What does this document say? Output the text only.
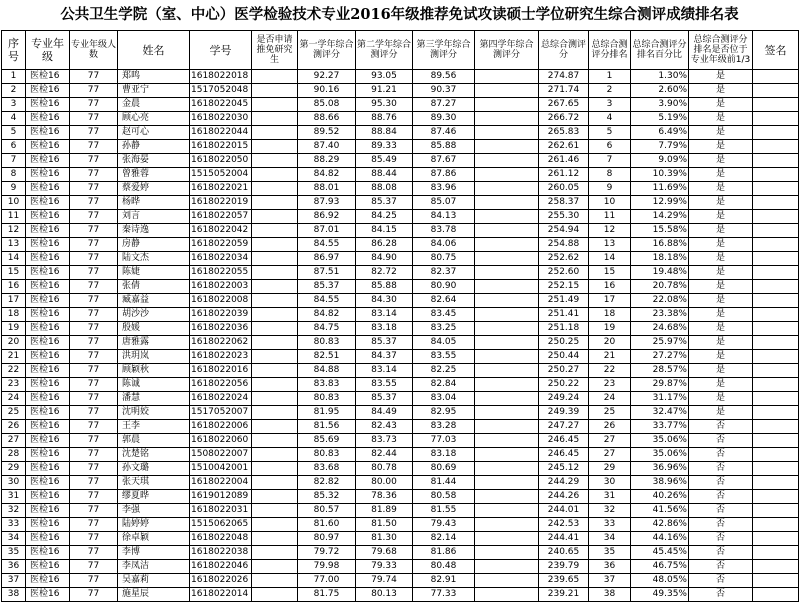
公共卫生学院（室、中心）医学检验技术专业2016年级推荐免试攻读硕士学位研究生综合测评成绩排名表
序号	专业年级	专业年级人数	姓名	学号	是否申请推免研究生	第一学年综合测评分	第二学年综合测评分	第三学年综合测评分	第四学年综合测评分	总综合测评分	总综合测评分排名	总综合测评分排名百分比	总综合测评分排名是否位于专业年级前1/3	签名
1	医检16	77	郑鸣	1618022018		92.27	93.05	89.56		274.87	1	1.30%	是	
2	医检16	77	曹亚宁	1517052048		90.16	91.21	90.37		271.74	2	2.60%	是	
3	医检16	77	金晨	1618022045		85.08	95.30	87.27		267.65	3	3.90%	是	
4	医检16	77	顾心亮	1618022030		88.66	88.76	89.30		266.72	4	5.19%	是	
5	医检16	77	赵可心	1618022044		89.52	88.84	87.46		265.83	5	6.49%	是	
6	医检16	77	孙静	1618022015		87.40	89.33	85.88		262.61	6	7.79%	是	
7	医检16	77	张海晏	1618022050		88.29	85.49	87.67		261.46	7	9.09%	是	
8	医检16	77	曾雅蓉	1515052004		84.82	88.44	87.86		261.12	8	10.39%	是	
9	医检16	77	蔡爱婷	1618022021		88.01	88.08	83.96		260.05	9	11.69%	是	
10	医检16	77	杨晔	1618022019		87.93	85.37	85.07		258.37	10	12.99%	是	
11	医检16	77	刘言	1618022057		86.92	84.25	84.13		255.30	11	14.29%	是	
12	医检16	77	秦诗逸	1618022042		87.01	84.15	83.78		254.94	12	15.58%	是	
13	医检16	77	房静	1618022059		84.55	86.28	84.06		254.88	13	16.88%	是	
14	医检16	77	陆文杰	1618022034		86.97	84.90	80.75		252.62	14	18.18%	是	
15	医检16	77	陈婕	1618022055		87.51	82.72	82.37		252.60	15	19.48%	是	
16	医检16	77	张倩	1618022003		85.37	85.88	80.90		252.15	16	20.78%	是	
17	医检16	77	臧嘉益	1618022008		84.55	84.30	82.64		251.49	17	22.08%	是	
18	医检16	77	胡沙沙	1618022039		84.82	83.14	83.45		251.41	18	23.38%	是	
19	医检16	77	殷媛	1618022036		84.75	83.18	83.25		251.18	19	24.68%	是	
20	医检16	77	唐雅露	1618022062		80.83	85.37	84.05		250.25	20	25.97%	是	
21	医检16	77	洪玥岚	1618022023		82.51	84.37	83.55		250.44	21	27.27%	是	
22	医检16	77	顾颖秋	1618022016		84.88	83.14	82.25		250.27	22	28.57%	是	
23	医检16	77	陈诚	1618022056		83.83	83.55	82.84		250.22	23	29.87%	是	
24	医检16	77	潘慧	1618022024		80.83	85.37	83.04		249.24	24	31.17%	是	
25	医检16	77	沈明姣	1517052007		81.95	84.49	82.95		249.39	25	32.47%	是	
26	医检16	77	王李	1618022006		81.56	82.43	83.28		247.27	26	33.77%	否	
27	医检16	77	郭晨	1618022060		85.69	83.73	77.03		246.45	27	35.06%	否	
28	医检16	77	沈楚铭	1508022007		80.83	82.44	83.18		246.45	27	35.06%	否	
29	医检16	77	孙文璐	1510042001		83.68	80.78	80.69		245.12	29	36.96%	否	
30	医检16	77	张天琪	1618022004		82.82	80.00	81.44		244.29	30	38.96%	否	
31	医检16	77	缪夏晔	1619012089		85.32	78.36	80.58		244.26	31	40.26%	否	
32	医检16	77	李强	1618022031		80.57	81.89	81.55		244.01	32	41.56%	否	
33	医检16	77	陆婷婷	1515062065		81.60	81.50	79.43		242.53	33	42.86%	否	
34	医检16	77	徐卓颖	1618022048		80.97	81.30	82.14		244.41	34	44.16%	否	
35	医检16	77	李博	1618022038		79.72	79.68	81.86		240.65	35	45.45%	否	
36	医检16	77	李凤洁	1618022046		79.98	79.33	80.48		239.79	36	46.75%	否	
37	医检16	77	吴嘉莉	1618022026		77.00	79.74	82.91		239.65	37	48.05%	否	
38	医检16	77	施星辰	1618022014		81.75	80.13	77.33		239.21	38	49.35%	否	
